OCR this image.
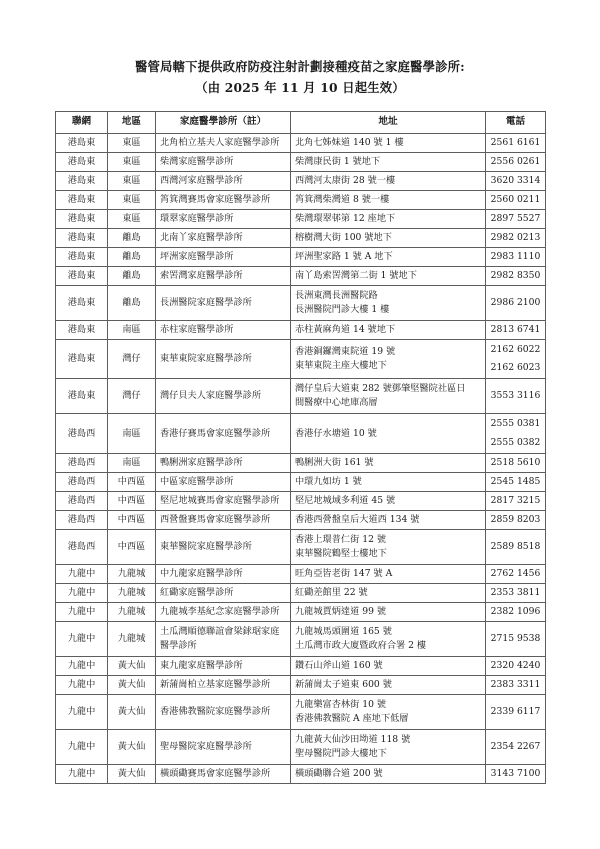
醫管局轄下提供政府防疫注射計劃接種疫苗之家庭醫學診所:
（由 2025 年 11 月 10 日起生效）
聯網	地區	家庭醫學診所（註）	地址	電話
港島東	東區	北角柏立基夫人家庭醫學診所	北角七姊妹道 140 號 1 樓	2561 6161

港島東	東區	柴灣家庭醫學診所	柴灣康民街 1 號地下	2556 0261

港島東	東區	西灣河家庭醫學診所	西灣河太康街 28 號一樓	3620 3314

港島東	東區	筲箕灣賽馬會家庭醫學診所	筲箕灣柴灣道 8 號一樓	2560 0211

港島東	東區	環翠家庭醫學診所	柴灣環翠邨第 12 座地下	2897 5527

港島東	離島	北南丫家庭醫學診所	榕樹灣大街 100 號地下	2982 0213

港島東	離島	坪洲家庭醫學診所	坪洲聖家路 1 號 A 地下	2983 1110

港島東	離島	索罟灣家庭醫學診所	南丫島索罟灣第二街 1 號地下	2982 8350

港島東	離島	長洲醫院家庭醫學診所	長洲東灣長洲醫院路
長洲醫院門診大樓 1 樓	2986 2100

港島東	南區	赤柱家庭醫學診所	赤柱黃麻角道 14 號地下	2813 6741

港島東	灣仔	東華東院家庭醫學診所	香港銅鑼灣東院道 19 號
東華東院主座大樓地下	2162 6022
2162 6023

港島東	灣仔	灣仔貝夫人家庭醫學診所	灣仔皇后大道東 282 號鄧肇堅醫院社區日
間醫療中心地庫高層	3553 3116

港島西	南區	香港仔賽馬會家庭醫學診所	香港仔水塘道 10 號	2555 0381
2555 0382

港島西	南區	鴨脷洲家庭醫學診所	鴨脷洲大街 161 號	2518 5610

港島西	中西區	中區家庭醫學診所	中環九如坊 1 號	2545 1485

港島西	中西區	堅尼地城賽馬會家庭醫學診所	堅尼地城域多利道 45 號	2817 3215

港島西	中西區	西營盤賽馬會家庭醫學診所	香港西營盤皇后大道西 134 號	2859 8203

港島西	中西區	東華醫院家庭醫學診所	香港上環普仁街 12 號
東華醫院鶴堅士樓地下	2589 8518

九龍中	九龍城	中九龍家庭醫學診所	旺角亞皆老街 147 號 A	2762 1456

九龍中	九龍城	紅磡家庭醫學診所	紅磡差館里 22 號	2353 3811

九龍中	九龍城	九龍城李基紀念家庭醫學診所	九龍城賈炳達道 99 號	2382 1096

九龍中	九龍城	土瓜灣順德聯誼會梁銶琚家庭
醫學診所	九龍城馬頭圍道 165 號
土瓜灣市政大廈暨政府合署 2 樓	2715 9538

九龍中	黃大仙	東九龍家庭醫學診所	鑽石山斧山道 160 號	2320 4240

九龍中	黃大仙	新蒲崗柏立基家庭醫學診所	新蒲崗太子道東 600 號	2383 3311

九龍中	黃大仙	香港佛教醫院家庭醫學診所	九龍樂富杏林街 10 號
香港佛教醫院 A 座地下低層	2339 6117

九龍中	黃大仙	聖母醫院家庭醫學診所	九龍黃大仙沙田坳道 118 號
聖母醫院門診大樓地下	2354 2267

九龍中	黃大仙	橫頭磡賽馬會家庭醫學診所	橫頭磡聯合道 200 號	3143 7100
